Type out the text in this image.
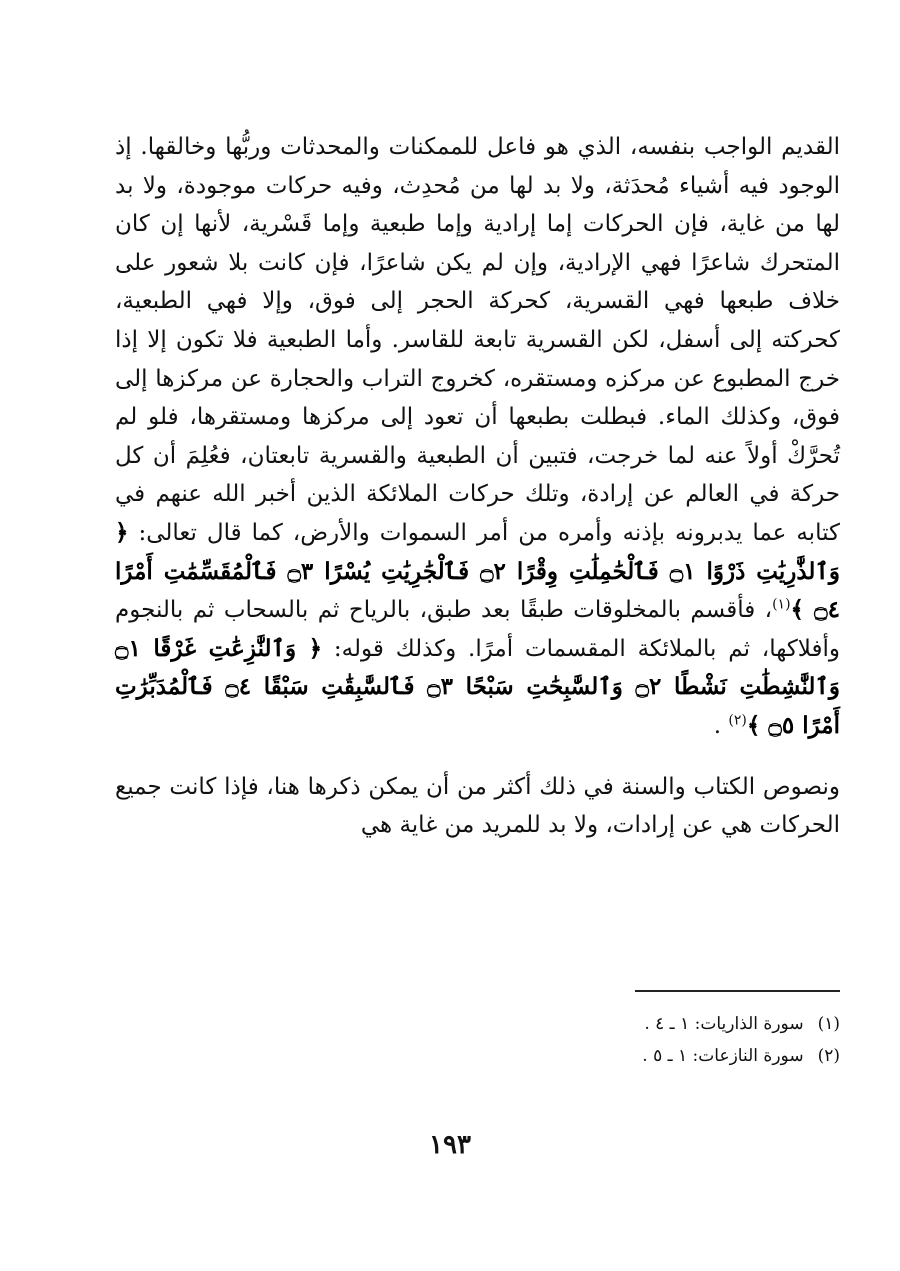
القديم الواجب بنفسه، الذي هو فاعل للممكنات والمحدثات وربُّها وخالقها. إذ الوجود فيه أشياء مُحدَثة، ولا بد لها من مُحدِث، وفيه حركات موجودة، ولا بد لها من غاية، فإن الحركات إما إرادية وإما طبعية وإما قَسْرية، لأنها إن كان المتحرك شاعرًا فهي الإرادية، وإن لم يكن شاعرًا، فإن كانت بلا شعور على خلاف طبعها فهي القسرية، كحركة الحجر إلى فوق، وإلا فهي الطبعية، كحركته إلى أسفل، لكن القسرية تابعة للقاسر. وأما الطبعية فلا تكون إلا إذا خرج المطبوع عن مركزه ومستقره، كخروج التراب والحجارة عن مركزها إلى فوق، وكذلك الماء. فبطلت بطبعها أن تعود إلى مركزها ومستقرها، فلو لم تُحرَّكْ أولاً عنه لما خرجت، فتبين أن الطبعية والقسرية تابعتان، فعُلِمَ أن كل حركة في العالم عن إرادة، وتلك حركات الملائكة الذين أخبر الله عنهم في كتابه عما يدبرونه بإذنه وأمره من أمر السموات والأرض، كما قال تعالى: ﴿ وَٱلذَّٰرِيَٰتِ ذَرْوًا ۝١ فَٱلْحَٰمِلَٰتِ وِقْرًا ۝٢ فَٱلْجَٰرِيَٰتِ يُسْرًا ۝٣ فَٱلْمُقَسِّمَٰتِ أَمْرًا ۝٤ ﴾$^{(١)}$، فأقسم بالمخلوقات طبقًا بعد طبق، بالرياح ثم بالسحاب ثم بالنجوم وأفلاكها، ثم بالملائكة المقسمات أمرًا. وكذلك قوله: ﴿ وَٱلنَّٰزِعَٰتِ غَرْقًا ۝١ وَٱلنَّٰشِطَٰتِ نَشْطًا ۝٢ وَٱلسَّٰبِحَٰتِ سَبْحًا ۝٣ فَٱلسَّٰبِقَٰتِ سَبْقًا ۝٤ فَٱلْمُدَبِّرَٰتِ أَمْرًا ۝٥ ﴾$^{(٢)}$ .

ونصوص الكتاب والسنة في ذلك أكثر من أن يمكن ذكرها هنا، فإذا كانت جميع الحركات هي عن إرادات، ولا بد للمريد من غاية هي

(١)سورة الذاريات: ١ ـ ٤ .
(٢)سورة النازعات: ١ ـ ٥ .
١٩٣
